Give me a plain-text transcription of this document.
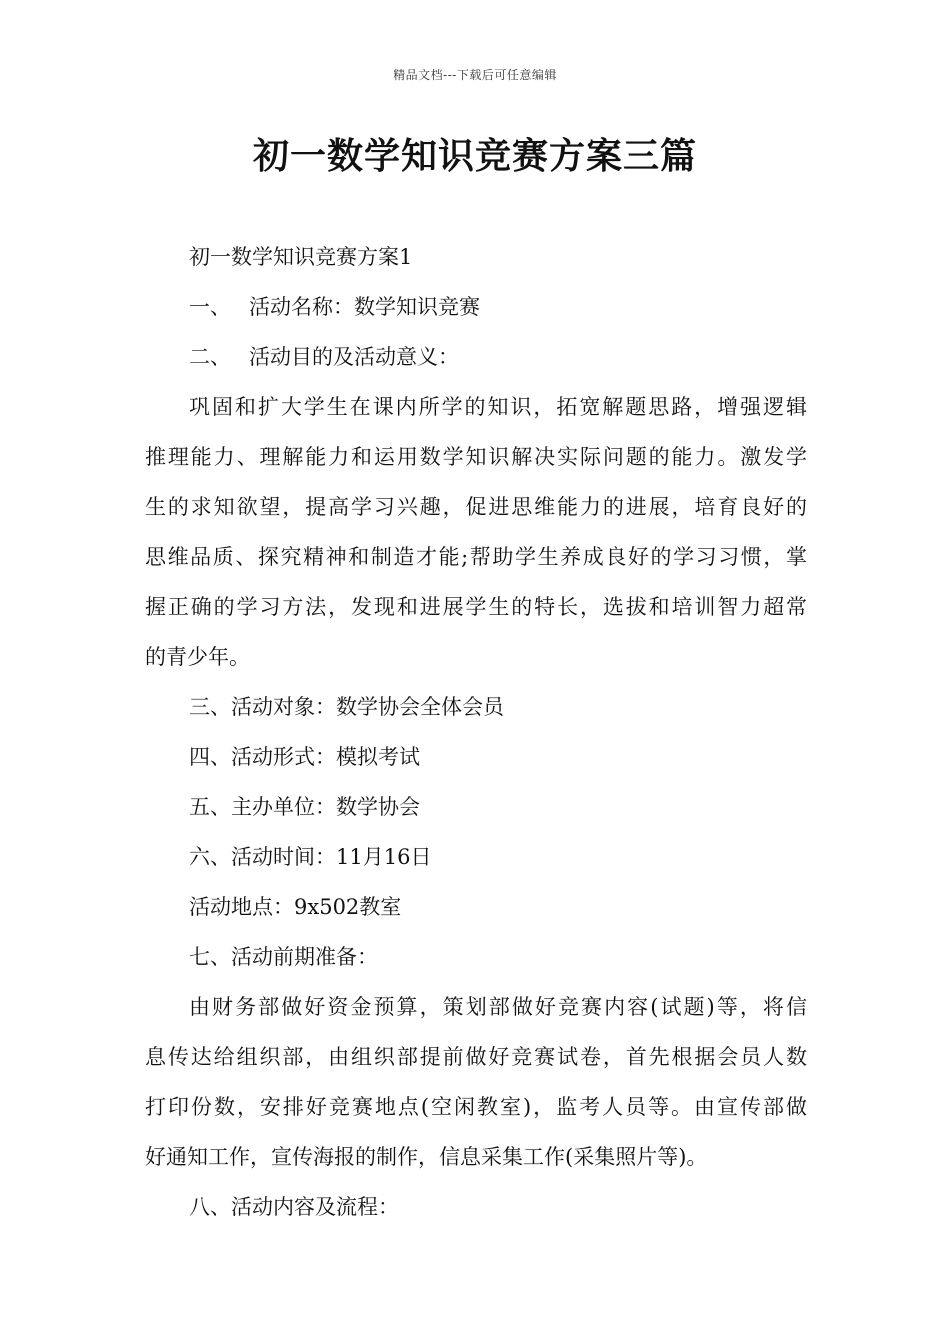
精品文档---下载后可任意编辑
初一数学知识竞赛方案三篇

初一数学知识竞赛方案1

一、 活动名称：数学知识竞赛

二、 活动目的及活动意义：

巩固和扩大学生在课内所学的知识，拓宽解题思路，增强逻辑

推理能力、理解能力和运用数学知识解决实际问题的能力。激发学

生的求知欲望，提高学习兴趣，促进思维能力的进展，培育良好的

思维品质、探究精神和制造才能;帮助学生养成良好的学习习惯，掌

握正确的学习方法，发现和进展学生的特长，选拔和培训智力超常

的青少年。

三、活动对象：数学协会全体会员

四、活动形式：模拟考试

五、主办单位：数学协会

六、活动时间：11月16日

活动地点：9x502教室

七、活动前期准备：

由财务部做好资金预算，策划部做好竞赛内容(试题)等，将信

息传达给组织部，由组织部提前做好竞赛试卷，首先根据会员人数

打印份数，安排好竞赛地点(空闲教室)，监考人员等。由宣传部做

好通知工作，宣传海报的制作，信息采集工作(采集照片等)。

八、活动内容及流程：
